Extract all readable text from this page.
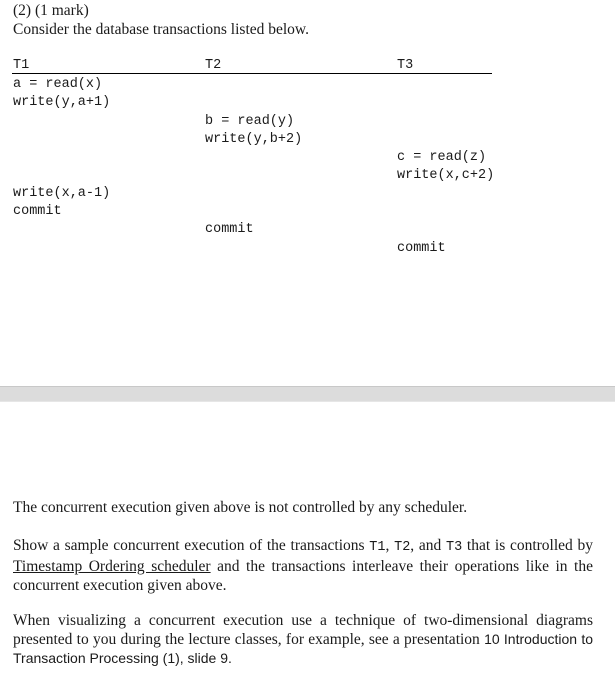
(2) (1 mark)
Consider the database transactions listed below.
T1	T2	T3
a = read(x)
write(y,a+1)
b = read(y)
write(y,b+2)
c = read(z)
write(x,c+2)
write(x,a-1)
commit
commit
commit
The concurrent execution given above is not controlled by any scheduler.
Show a sample concurrent execution of the transactions T1, T2, and T3 that is controlled by Timestamp Ordering scheduler and the transactions interleave their operations like in the concurrent execution given above.
When visualizing a concurrent execution use a technique of two-dimensional diagrams presented to you during the lecture classes, for example, see a presentation 10 Introduction to Transaction Processing (1), slide 9.
